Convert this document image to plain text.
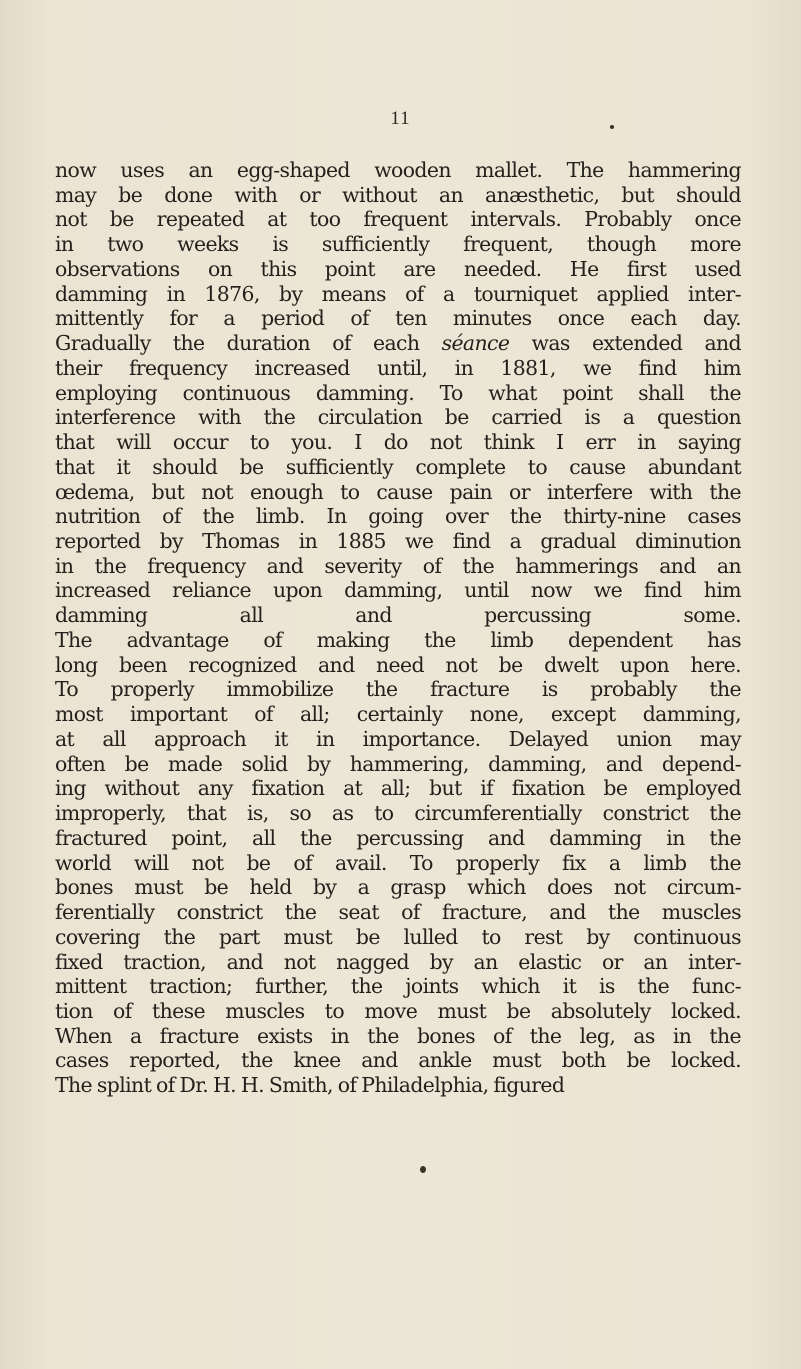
11
now uses an egg-shaped wooden mallet. The hammering
may be done with or without an anæsthetic, but should
not be repeated at too frequent intervals. Probably once
in two weeks is sufficiently frequent, though more
observations on this point are needed. He first used
damming in 1876, by means of a tourniquet applied inter-
mittently for a period of ten minutes once each day.
Gradually the duration of each séance was extended and
their frequency increased until, in 1881, we find him
employing continuous damming. To what point shall the
interference with the circulation be carried is a question
that will occur to you. I do not think I err in saying
that it should be sufficiently complete to cause abundant
œdema, but not enough to cause pain or interfere with the
nutrition of the limb. In going over the thirty-nine cases
reported by Thomas in 1885 we find a gradual diminution
in the frequency and severity of the hammerings and an
increased reliance upon damming, until now we find him
damming all and percussing some.
The advantage of making the limb dependent has
long been recognized and need not be dwelt upon here.
To properly immobilize the fracture is probably the
most important of all; certainly none, except damming,
at all approach it in importance. Delayed union may
often be made solid by hammering, damming, and depend-
ing without any fixation at all; but if fixation be employed
improperly, that is, so as to circumferentially constrict the
fractured point, all the percussing and damming in the
world will not be of avail. To properly fix a limb the
bones must be held by a grasp which does not circum-
ferentially constrict the seat of fracture, and the muscles
covering the part must be lulled to rest by continuous
fixed traction, and not nagged by an elastic or an inter-
mittent traction; further, the joints which it is the func-
tion of these muscles to move must be absolutely locked.
When a fracture exists in the bones of the leg, as in the
cases reported, the knee and ankle must both be locked.
The splint of Dr. H. H. Smith, of Philadelphia, figured
